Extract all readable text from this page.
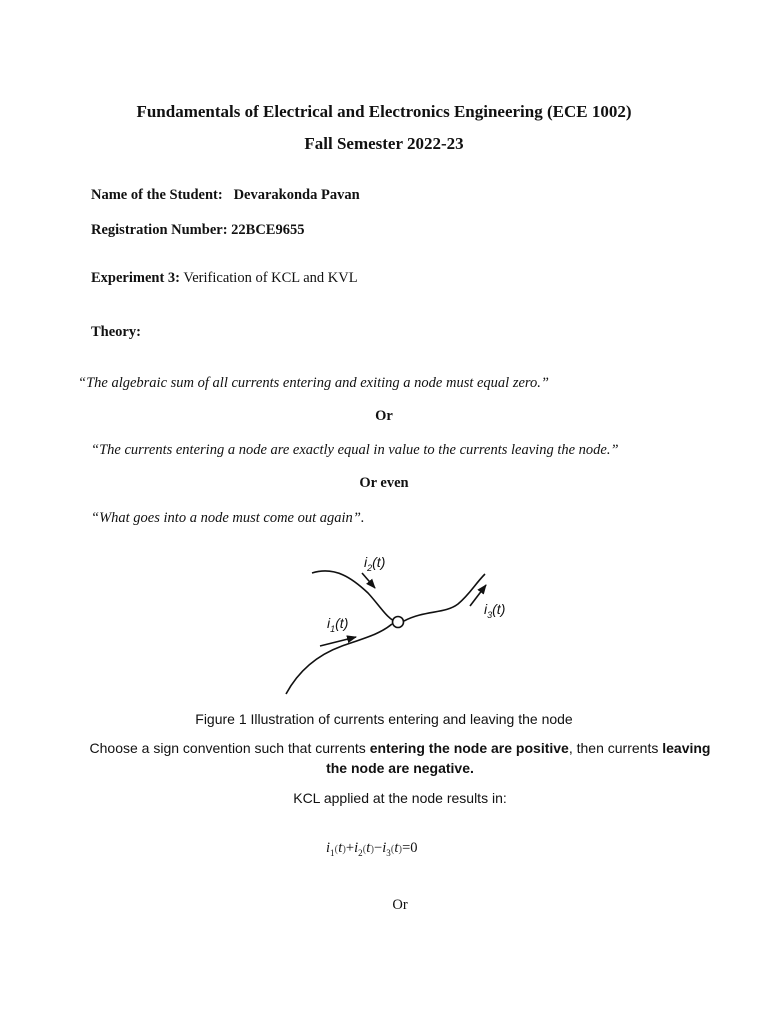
Fundamentals of Electrical and Electronics Engineering (ECE 1002)
Fall Semester 2022-23
Name of the Student: Devarakonda Pavan
Registration Number: 22BCE9655
Experiment 3: Verification of KCL and KVL
Theory:
“The algebraic sum of all currents entering and exiting a node must equal zero.”
Or
“The currents entering a node are exactly equal in value to the currents leaving the node.”
Or even
“What goes into a node must come out again”.
$i_2(t)$
$i_1(t)$
$i_3(t)$
Figure 1 Illustration of currents entering and leaving the node
Choose a sign convention such that currents entering the node are positive, then currents leaving the node are negative.
KCL applied at the node results in:
$i_1(t)+i_2(t)-i_3(t)=0$
Or
